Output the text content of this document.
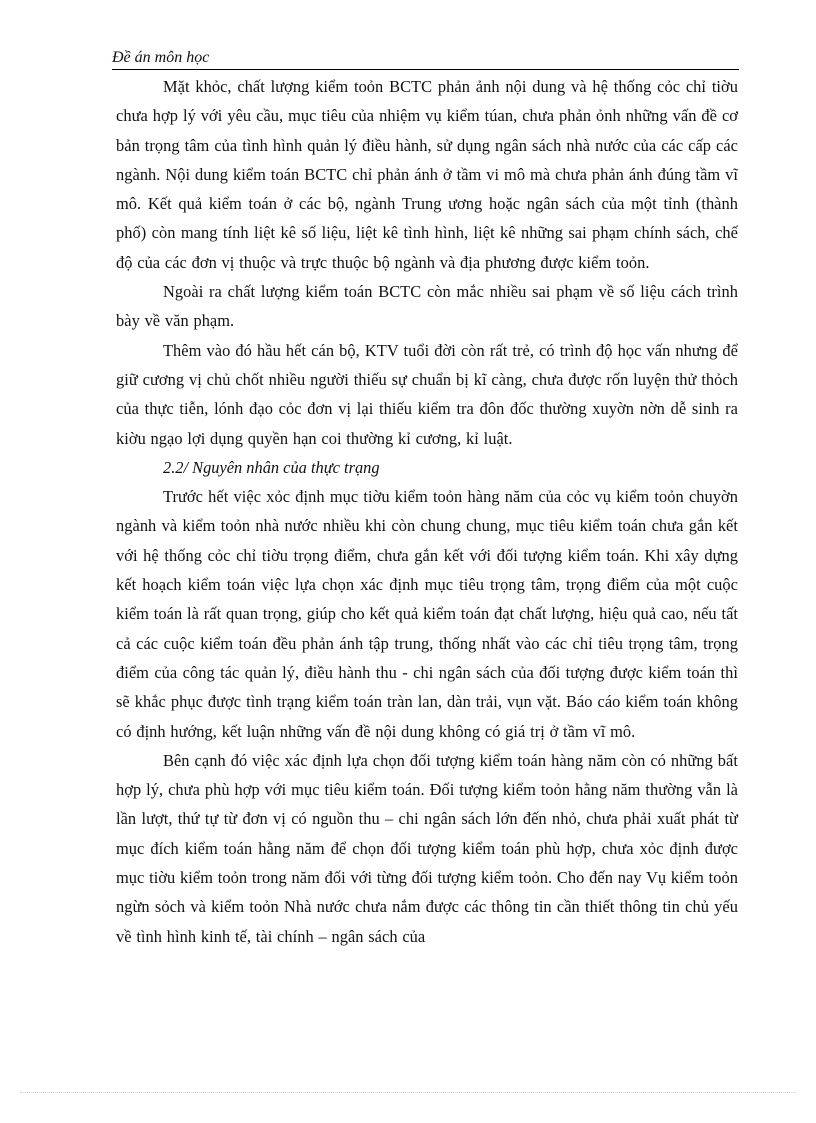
Đề án môn học

Mặt khỏc, chất lượng kiểm toỏn BCTC phản ảnh nội dung và hệ thống cỏc chỉ tiờu chưa hợp lý với yêu cầu, mục tiêu của nhiệm vụ kiểm túan, chưa phản ỏnh những vấn đề cơ bản trọng tâm của tình hình quản lý điều hành, sử dụng ngân sách nhà nước của các cấp các ngành. Nội dung kiểm toán BCTC chỉ phản ánh ở tầm vi mô mà chưa phản ánh đúng tầm vĩ mô. Kết quả kiểm toán ở các bộ, ngành Trung ương hoặc ngân sách của một tỉnh (thành phố) còn mang tính liệt kê số liệu, liệt kê tình hình, liệt kê những sai phạm chính sách, chế độ của các đơn vị thuộc và trực thuộc bộ ngành và địa phương được kiểm toỏn.

Ngoài ra chất lượng kiểm toán BCTC còn mắc nhiều sai phạm về số liệu cách trình bày về văn phạm.

Thêm vào đó hầu hết cán bộ, KTV tuổi đời còn rất trẻ, có trình độ học vấn nhưng để giữ cương vị chủ chốt nhiều người thiếu sự chuẩn bị kĩ càng, chưa được rốn luyện thử thỏch của thực tiễn, lónh đạo cỏc đơn vị lại thiếu kiểm tra đôn đốc thường xuyờn nờn dễ sinh ra kiờu ngạo lợi dụng quyền hạn coi thường kỉ cương, kỉ luật.

2.2/ Nguyên nhân của thực trạng

Trước hết việc xỏc định mục tiờu kiểm toỏn hàng năm của cỏc vụ kiểm toỏn chuyờn ngành và kiểm toỏn nhà nước nhiều khi còn chung chung, mục tiêu kiểm toán chưa gắn kết với hệ thống cỏc chỉ tiờu trọng điểm, chưa gắn kết với đối tượng kiểm toán. Khi xây dựng kết hoạch kiểm toán việc lựa chọn xác định mục tiêu trọng tâm, trọng điểm của một cuộc kiểm toán là rất quan trọng, giúp cho kết quả kiểm toán đạt chất lượng, hiệu quả cao, nếu tất cả các cuộc kiểm toán đều phản ánh tập trung, thống nhất vào các chỉ tiêu trọng tâm, trọng điểm của công tác quản lý, điều hành thu - chi ngân sách của đối tượng được kiểm toán thì sẽ khắc phục được tình trạng kiểm toán tràn lan, dàn trải, vụn vặt. Báo cáo kiểm toán không có định hướng, kết luận những vấn đề nội dung không có giá trị ở tầm vĩ mô.

Bên cạnh đó việc xác định lựa chọn đối tượng kiểm toán hàng năm còn có những bất hợp lý, chưa phù hợp với mục tiêu kiểm toán. Đối tượng kiểm toỏn hằng năm thường vẫn là lần lượt, thứ tự từ đơn vị có nguồn thu – chi ngân sách lớn đến nhỏ, chưa phải xuất phát từ mục đích kiểm toán hằng năm để chọn đối tượng kiểm toán phù hợp, chưa xỏc định được mục tiờu kiểm toỏn trong năm đối với từng đối tượng kiểm toỏn. Cho đến nay Vụ kiểm toỏn ngừn sỏch và kiểm toỏn Nhà nước chưa nắm được các thông tin cần thiết thông tin chủ yếu về tình hình kinh tế, tài chính – ngân sách của
